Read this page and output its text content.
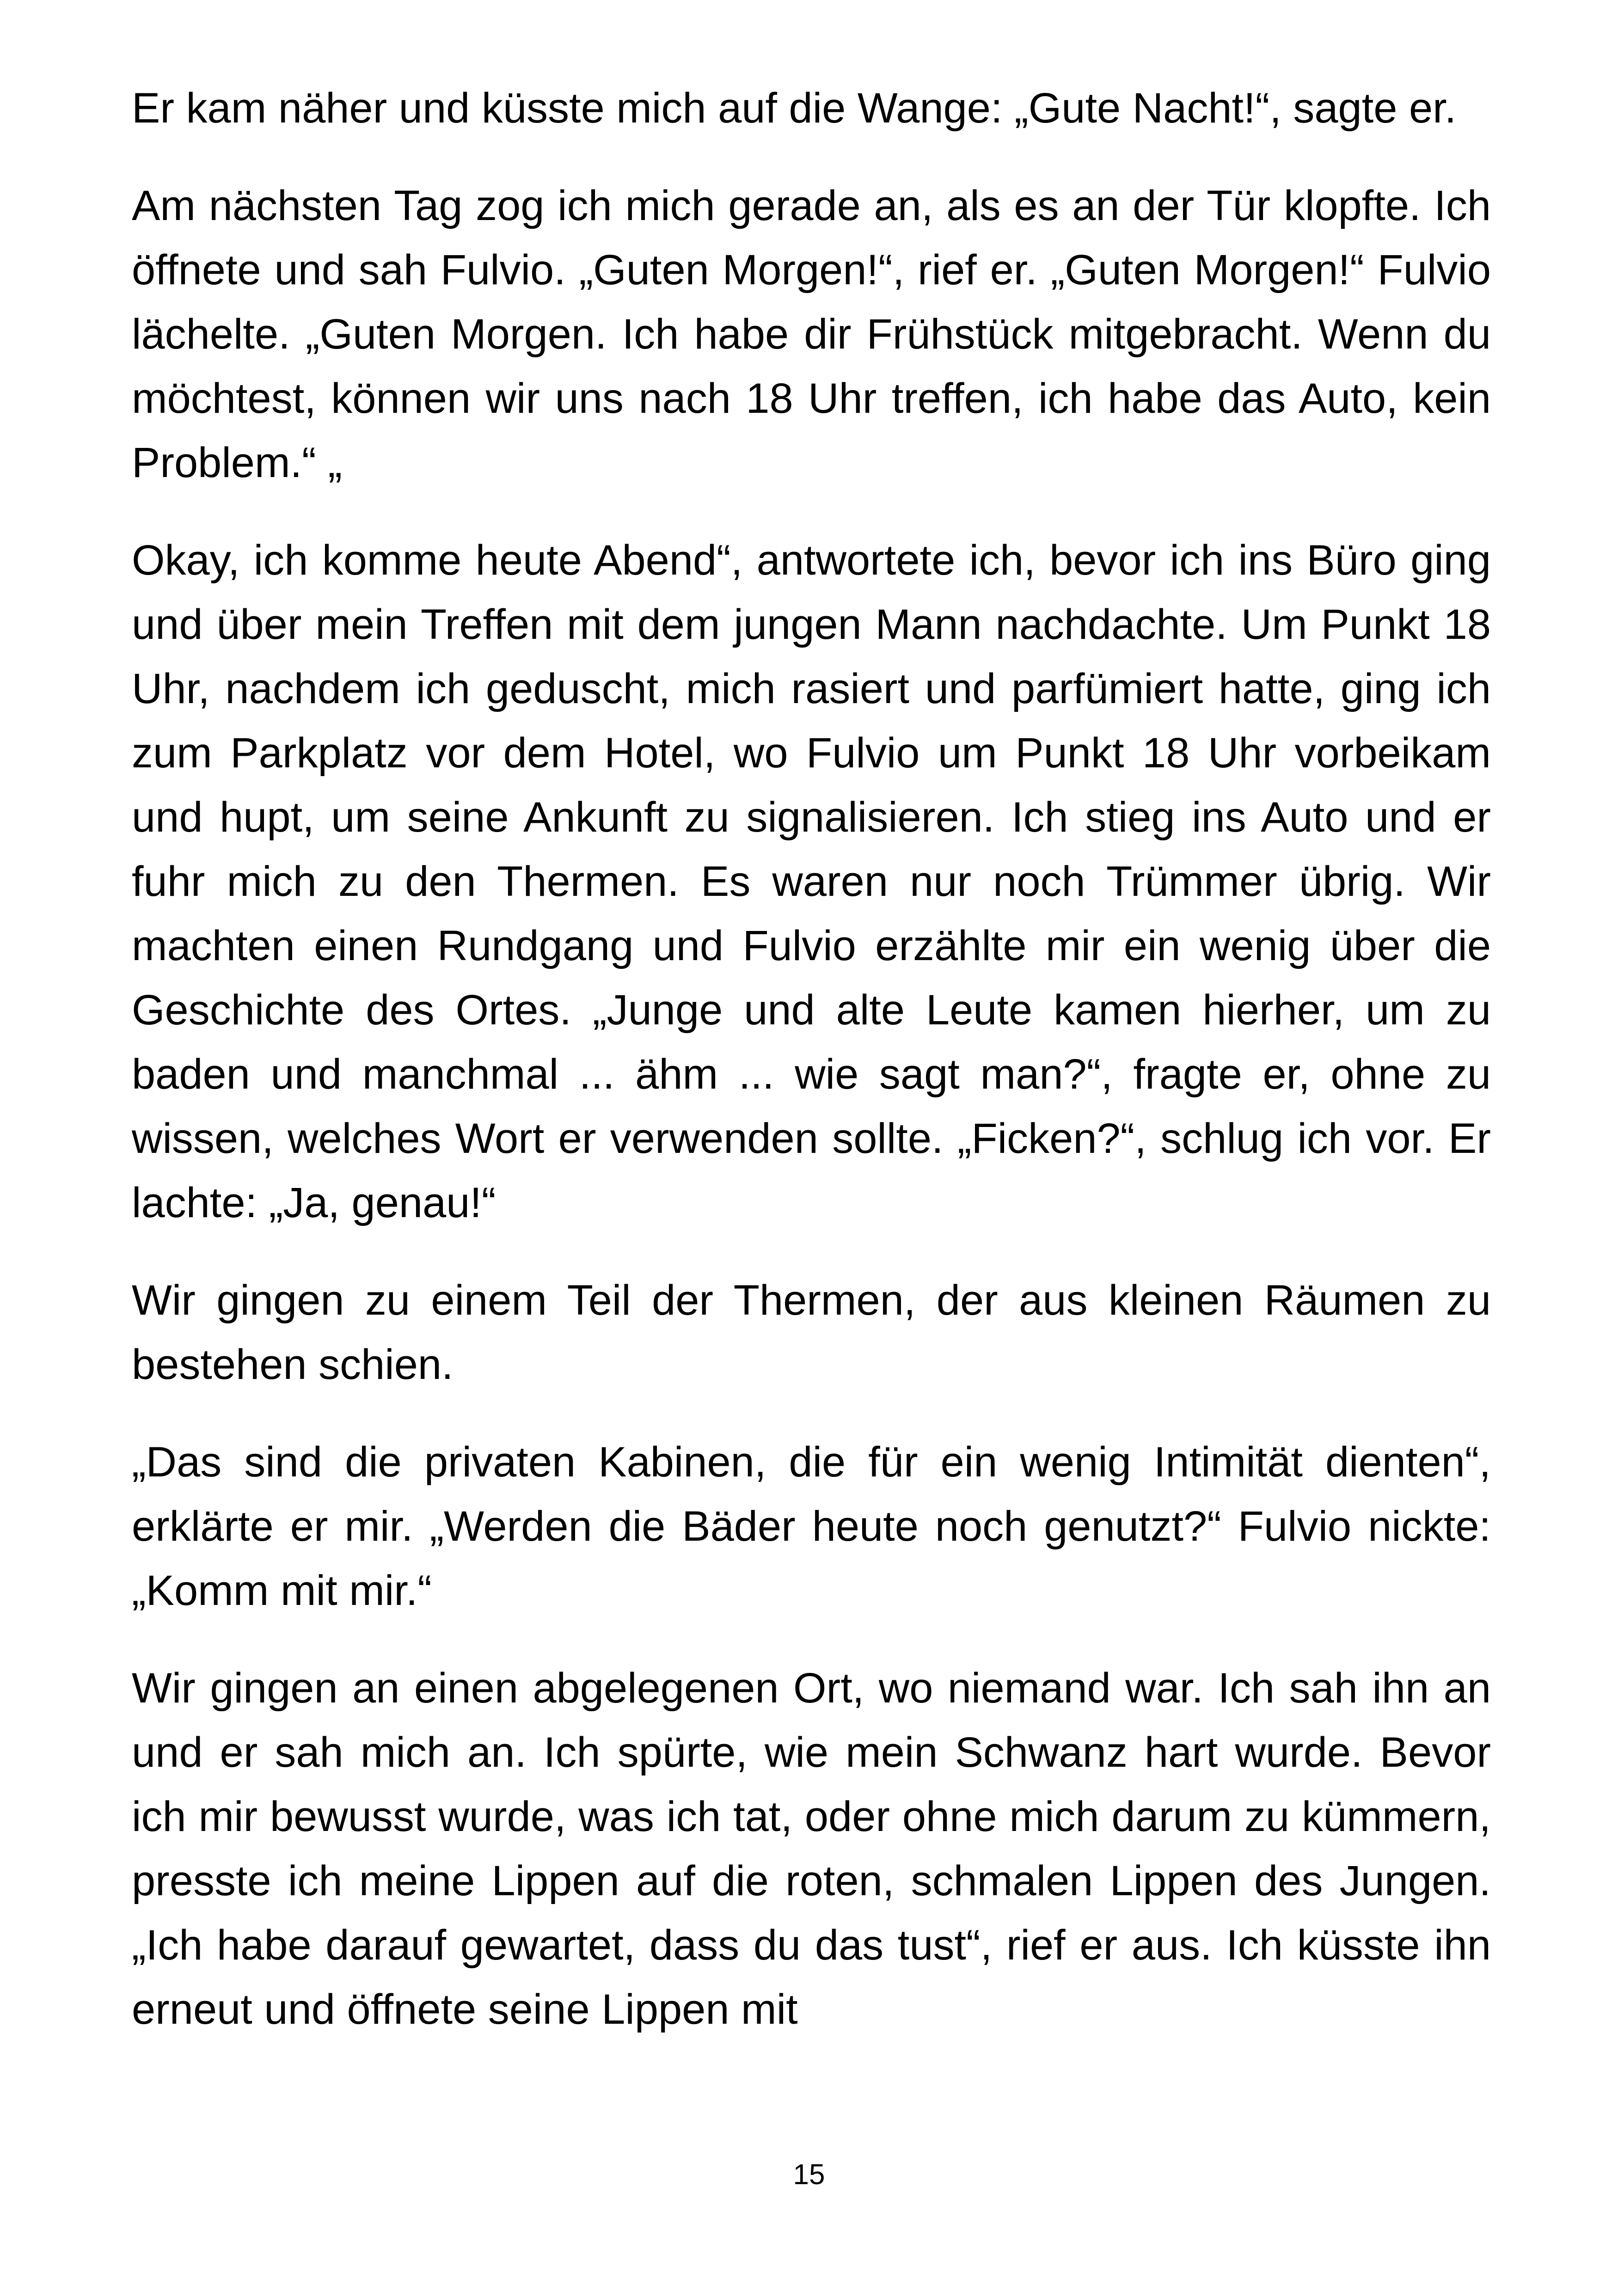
Er kam näher und küsste mich auf die Wange: „Gute Nacht!“, sagte er.

Am nächsten Tag zog ich mich gerade an, als es an der Tür klopfte. Ich öffnete und sah Fulvio. „Guten Morgen!“, rief er. „Guten Morgen!“ Fulvio lächelte. „Guten Morgen. Ich habe dir Frühstück mitgebracht. Wenn du möchtest, können wir uns nach 18 Uhr treffen, ich habe das Auto, kein Problem.“ „

Okay, ich komme heute Abend“, antwortete ich, bevor ich ins Büro ging und über mein Treffen mit dem jungen Mann nachdachte. Um Punkt 18 Uhr, nachdem ich geduscht, mich rasiert und parfümiert hatte, ging ich zum Parkplatz vor dem Hotel, wo Fulvio um Punkt 18 Uhr vorbeikam und hupt, um seine Ankunft zu signalisieren. Ich stieg ins Auto und er fuhr mich zu den Thermen. Es waren nur noch Trümmer übrig. Wir machten einen Rundgang und Fulvio erzählte mir ein wenig über die Geschichte des Ortes. „Junge und alte Leute kamen hierher, um zu baden und manchmal ... ähm ... wie sagt man?“, fragte er, ohne zu wissen, welches Wort er verwenden sollte. „Ficken?“, schlug ich vor. Er lachte: „Ja, genau!“

Wir gingen zu einem Teil der Thermen, der aus kleinen Räumen zu bestehen schien.

„Das sind die privaten Kabinen, die für ein wenig Intimität dienten“, erklärte er mir. „Werden die Bäder heute noch genutzt?“ Fulvio nickte: „Komm mit mir.“

Wir gingen an einen abgelegenen Ort, wo niemand war. Ich sah ihn an und er sah mich an. Ich spürte, wie mein Schwanz hart wurde. Bevor ich mir bewusst wurde, was ich tat, oder ohne mich darum zu kümmern, presste ich meine Lippen auf die roten, schmalen Lippen des Jungen. „Ich habe darauf gewartet, dass du das tust“, rief er aus. Ich küsste ihn erneut und öffnete seine Lippen mit

15
